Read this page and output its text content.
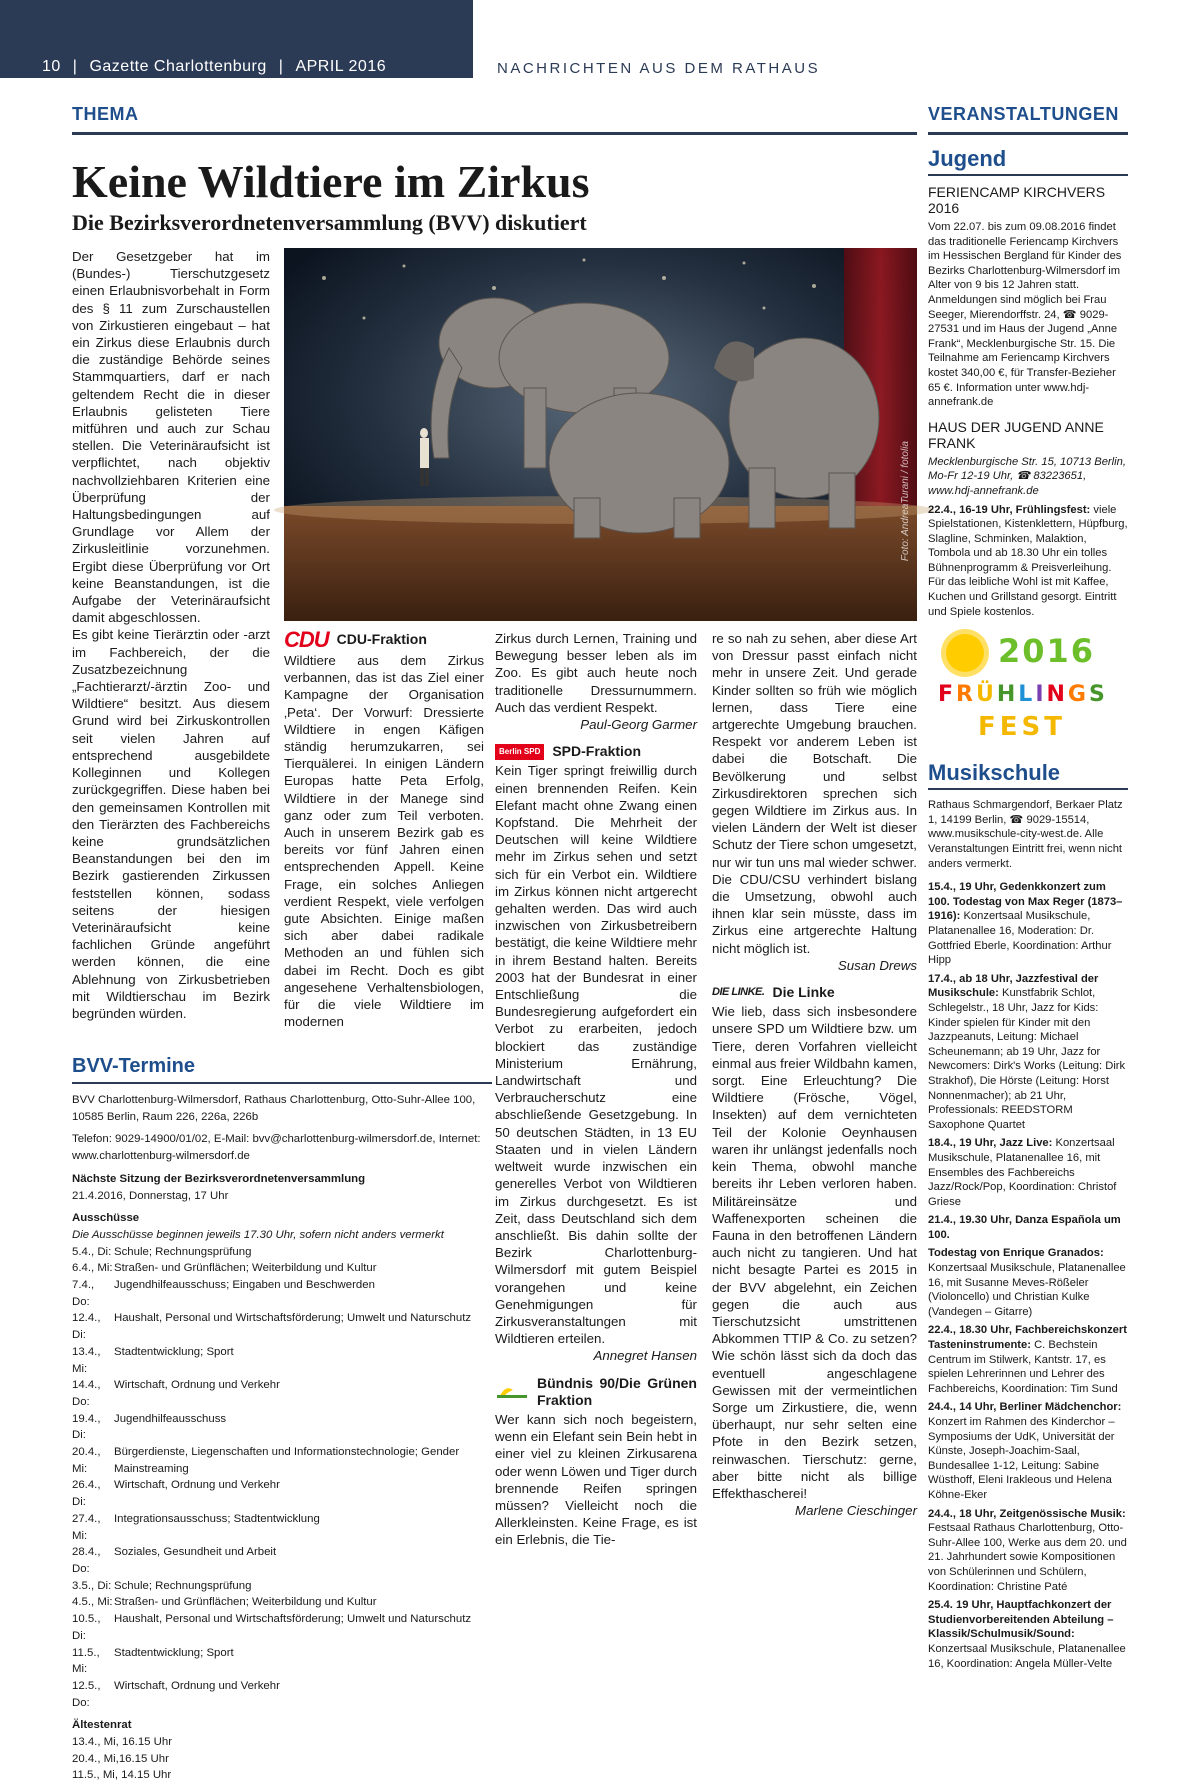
10 | Gazette Charlottenburg | APRIL 2016	NACHRICHTEN AUS DEM RATHAUS
THEMA	VERANSTALTUNGEN
Keine Wildtiere im Zirkus
Die Bezirksverordnetenversammlung (BVV) diskutiert

Der Gesetzgeber hat im (Bundes-) Tierschutzgesetz einen Erlaubnisvorbehalt in Form des § 11 zum Zurschaustellen von Zirkustieren eingebaut – hat ein Zirkus diese Erlaubnis durch die zuständige Behörde seines Stammquartiers, darf er nach geltendem Recht die in dieser Erlaubnis gelisteten Tiere mitführen und auch zur Schau stellen. Die Veterinäraufsicht ist verpflichtet, nach objektiv nachvollziehbaren Kriterien eine Überprüfung der Haltungsbedingungen auf Grundlage vor Allem der Zirkusleitlinie vorzunehmen. Ergibt diese Überprüfung vor Ort keine Beanstandungen, ist die Aufgabe der Veterinäraufsicht damit abgeschlossen.

Es gibt keine Tierärztin oder -arzt im Fachbereich, der die Zusatzbezeichnung „Fachtierarzt/-ärztin Zoo- und Wildtiere“ besitzt. Aus diesem Grund wird bei Zirkuskontrollen seit vielen Jahren auf entsprechend ausgebildete Kolleginnen und Kollegen zurückgegriffen. Diese haben bei den gemeinsamen Kontrollen mit den Tierärzten des Fachbereichs keine grundsätzlichen Beanstandungen bei den im Bezirk gastierenden Zirkussen feststellen können, sodass seitens der hiesigen Veterinäraufsicht keine fachlichen Gründe angeführt werden können, die eine Ablehnung von Zirkusbetrieben mit Wildtierschau im Bezirk begründen würden.

Foto: AndreaTurani / fotolia
CDU CDU-Fraktion

Wildtiere aus dem Zirkus verbannen, das ist das Ziel einer Kampagne der Organisation ‚Peta‘. Der Vorwurf: Dressierte Wildtiere in engen Käfigen ständig herumzukarren, sei Tierquälerei. In einigen Ländern Europas hatte Peta Erfolg, Wildtiere in der Manege sind ganz oder zum Teil verboten. Auch in unserem Bezirk gab es bereits vor fünf Jahren einen entsprechenden Appell. Keine Frage, ein solches Anliegen verdient Respekt, viele verfolgen gute Absichten. Einige maßen sich aber dabei radikale Methoden an und fühlen sich dabei im Recht. Doch es gibt angesehene Verhaltensbiologen, für die viele Wildtiere im modernen

Zirkus durch Lernen, Training und Bewegung besser leben als im Zoo. Es gibt auch heute noch traditionelle Dressurnummern. Auch das verdient Respekt.

Paul-Georg Garmer

Berlin SPD SPD-Fraktion

Kein Tiger springt freiwillig durch einen brennenden Reifen. Kein Elefant macht ohne Zwang einen Kopfstand. Die Mehrheit der Deutschen will keine Wildtiere mehr im Zirkus sehen und setzt sich für ein Verbot ein. Wildtiere im Zirkus können nicht artgerecht gehalten werden. Das wird auch inzwischen von Zirkusbetreibern bestätigt, die keine Wildtiere mehr in ihrem Bestand halten. Bereits 2003 hat der Bundesrat in einer Entschließung die Bundesregierung aufgefordert ein Verbot zu erarbeiten, jedoch blockiert das zuständige Ministerium Ernährung, Landwirtschaft und Verbraucherschutz eine abschließende Gesetzgebung. In 50 deutschen Städten, in 13 EU Staaten und in vielen Ländern weltweit wurde inzwischen ein generelles Verbot von Wildtieren im Zirkus durchgesetzt. Es ist Zeit, dass Deutschland sich dem anschließt. Bis dahin sollte der Bezirk Charlottenburg-Wilmersdorf mit gutem Beispiel vorangehen und keine Genehmigungen für Zirkusveranstaltungen mit Wildtieren erteilen.

Annegret Hansen

Bündnis 90/Die Grünen Fraktion

Wer kann sich noch begeistern, wenn ein Elefant sein Bein hebt in einer viel zu kleinen Zirkusarena oder wenn Löwen und Tiger durch brennende Reifen springen müssen? Vielleicht noch die Allerkleinsten. Keine Frage, es ist ein Erlebnis, die Tie-

re so nah zu sehen, aber diese Art von Dressur passt einfach nicht mehr in unsere Zeit. Und gerade Kinder sollten so früh wie möglich lernen, dass Tiere eine artgerechte Umgebung brauchen. Respekt vor anderem Leben ist dabei die Botschaft. Die Bevölkerung und selbst Zirkusdirektoren sprechen sich gegen Wildtiere im Zirkus aus. In vielen Ländern der Welt ist dieser Schutz der Tiere schon umgesetzt, nur wir tun uns mal wieder schwer. Die CDU/CSU verhindert bislang die Umsetzung, obwohl auch ihnen klar sein müsste, dass im Zirkus eine artgerechte Haltung nicht möglich ist.

Susan Drews

DIE LINKE. Die Linke

Wie lieb, dass sich insbesondere unsere SPD um Wildtiere bzw. um Tiere, deren Vorfahren vielleicht einmal aus freier Wildbahn kamen, sorgt. Eine Erleuchtung? Die Wildtiere (Frösche, Vögel, Insekten) auf dem vernichteten Teil der Kolonie Oeynhausen waren ihr unlängst jedenfalls noch kein Thema, obwohl manche bereits ihr Leben verloren haben. Militäreinsätze und Waffenexporten scheinen die Fauna in den betroffenen Ländern auch nicht zu tangieren. Und hat nicht besagte Partei es 2015 in der BVV abgelehnt, ein Zeichen gegen die auch aus Tierschutzsicht umstrittenen Abkommen TTIP & Co. zu setzen? Wie schön lässt sich da doch das eventuell angeschlagene Gewissen mit der vermeintlichen Sorge um Zirkustiere, die, wenn überhaupt, nur sehr selten eine Pfote in den Bezirk setzen, reinwaschen. Tierschutz: gerne, aber bitte nicht als billige Effekthascherei!

Marlene Cieschinger

BVV-Termine

BVV Charlottenburg-Wilmersdorf, Rathaus Charlottenburg, Otto-Suhr-Allee 100, 10585 Berlin, Raum 226, 226a, 226b

Telefon: 9029-14900/01/02, E-Mail: bvv@charlottenburg-wilmersdorf.de, Internet: www.charlottenburg-wilmersdorf.de

Nächste Sitzung der Bezirksverordnetenversammlung

21.4.2016, Donnerstag, 17 Uhr

Ausschüsse

Die Ausschüsse beginnen jeweils 17.30 Uhr, sofern nicht anders vermerkt

5.4., Di: Schule; Rechnungsprüfung

6.4., Mi: Straßen- und Grünflächen; Weiterbildung und Kultur

7.4., Do:
Jugendhilfeausschuss; Eingaben und Beschwerden

12.4., Di:
Haushalt, Personal und Wirtschaftsförderung; Umwelt und Naturschutz

13.4., Mi:
Stadtentwicklung; Sport

14.4., Do:
Wirtschaft, Ordnung und Verkehr

19.4., Di:
Jugendhilfeausschuss

20.4., Mi:
Bürgerdienste, Liegenschaften und Informationstechnologie; Gender Mainstreaming

26.4., Di:
Wirtschaft, Ordnung und Verkehr

27.4., Mi:
Integrationsausschuss; Stadtentwicklung

28.4., Do:
Soziales, Gesundheit und Arbeit

3.5., Di: Schule; Rechnungsprüfung

4.5., Mi: Straßen- und Grünflächen; Weiterbildung und Kultur

10.5., Di:
Haushalt, Personal und Wirtschaftsförderung; Umwelt und Naturschutz

11.5., Mi:
Stadtentwicklung; Sport

12.5., Do:
Wirtschaft, Ordnung und Verkehr

Ältestenrat

13.4., Mi, 16.15 Uhr

20.4., Mi,16.15 Uhr

11.5., Mi, 14.15 Uhr

Jugend
FERIENCAMP KIRCHVERS 2016
Vom 22.07. bis zum 09.08.2016 findet das traditionelle Feriencamp Kirchvers im Hessischen Bergland für Kinder des Bezirks Charlottenburg-Wilmersdorf im Alter von 9 bis 12 Jahren statt. Anmeldungen sind möglich bei Frau Seeger, Mierendorffstr. 24, ☎ 9029-27531 und im Haus der Jugend „Anne Frank“, Mecklenburgische Str. 15. Die Teilnahme am Feriencamp Kirchvers kostet 340,00 €, für Transfer-Bezieher 65 €. Information unter www.hdj-annefrank.de
HAUS DER JUGEND ANNE FRANK

Mecklenburgische Str. 15, 10713 Berlin, Mo-Fr 12-19 Uhr, ☎ 83223651, www.hdj-annefrank.de

22.4., 16-19 Uhr, Frühlingsfest: viele Spielstationen, Kistenklettern, Hüpfburg, Slagline, Schminken, Malaktion, Tombola und ab 18.30 Uhr ein tolles Bühnenprogramm & Preisverleihung. Für das leibliche Wohl ist mit Kaffee, Kuchen und Grillstand gesorgt. Eintritt und Spiele kostenlos.

2016
FRÜHLINGS
FEST
Musikschule
Rathaus Schmargendorf, Berkaer Platz 1, 14199 Berlin, ☎ 9029-15514, www.musikschule-city-west.de. Alle Veranstaltungen Eintritt frei, wenn nicht anders vermerkt.

15.4., 19 Uhr, Gedenkkonzert zum 100. Todestag von Max Reger (1873–1916): Konzertsaal Musikschule, Platanenallee 16, Moderation: Dr. Gottfried Eberle, Koordination: Arthur Hipp

17.4., ab 18 Uhr, Jazzfestival der Musikschule: Kunstfabrik Schlot, Schlegelstr., 18 Uhr, Jazz for Kids: Kinder spielen für Kinder mit den Jazzpeanuts, Leitung: Michael Scheunemann; ab 19 Uhr, Jazz for Newcomers: Dirk's Works (Leitung: Dirk Strakhof), Die Hörste (Leitung: Horst Nonnenmacher); ab 21 Uhr, Professionals: REEDSTORM Saxophone Quartet

18.4., 19 Uhr, Jazz Live: Konzertsaal Musikschule, Platanenallee 16, mit Ensembles des Fachbereichs Jazz/Rock/Pop, Koordination: Christof Griese

21.4., 19.30 Uhr, Danza Española um 100.

Todestag von Enrique Granados: Konzertsaal Musikschule, Platanenallee 16, mit Susanne Meves-Rößeler (Violoncello) und Christian Kulke (Vandegen – Gitarre)

22.4., 18.30 Uhr, Fachbereichskonzert Tasteninstrumente: C. Bechstein Centrum im Stilwerk, Kantstr. 17, es spielen Lehrerinnen und Lehrer des Fachbereichs, Koordination: Tim Sund

24.4., 14 Uhr, Berliner Mädchenchor: Konzert im Rahmen des Kinderchor – Symposiums der UdK, Universität der Künste, Joseph-Joachim-Saal, Bundesallee 1-12, Leitung: Sabine Wüsthoff, Eleni Irakleous und Helena Köhne-Eker

24.4., 18 Uhr, Zeitgenössische Musik: Festsaal Rathaus Charlottenburg, Otto-Suhr-Allee 100, Werke aus dem 20. und 21. Jahrhundert sowie Kompositionen von Schülerinnen und Schülern, Koordination: Christine Paté

25.4. 19 Uhr, Hauptfachkonzert der Studienvorbereitenden Abteilung – Klassik/Schulmusik/Sound: Konzertsaal Musikschule, Platanenallee 16, Koordination: Angela Müller-Velte
